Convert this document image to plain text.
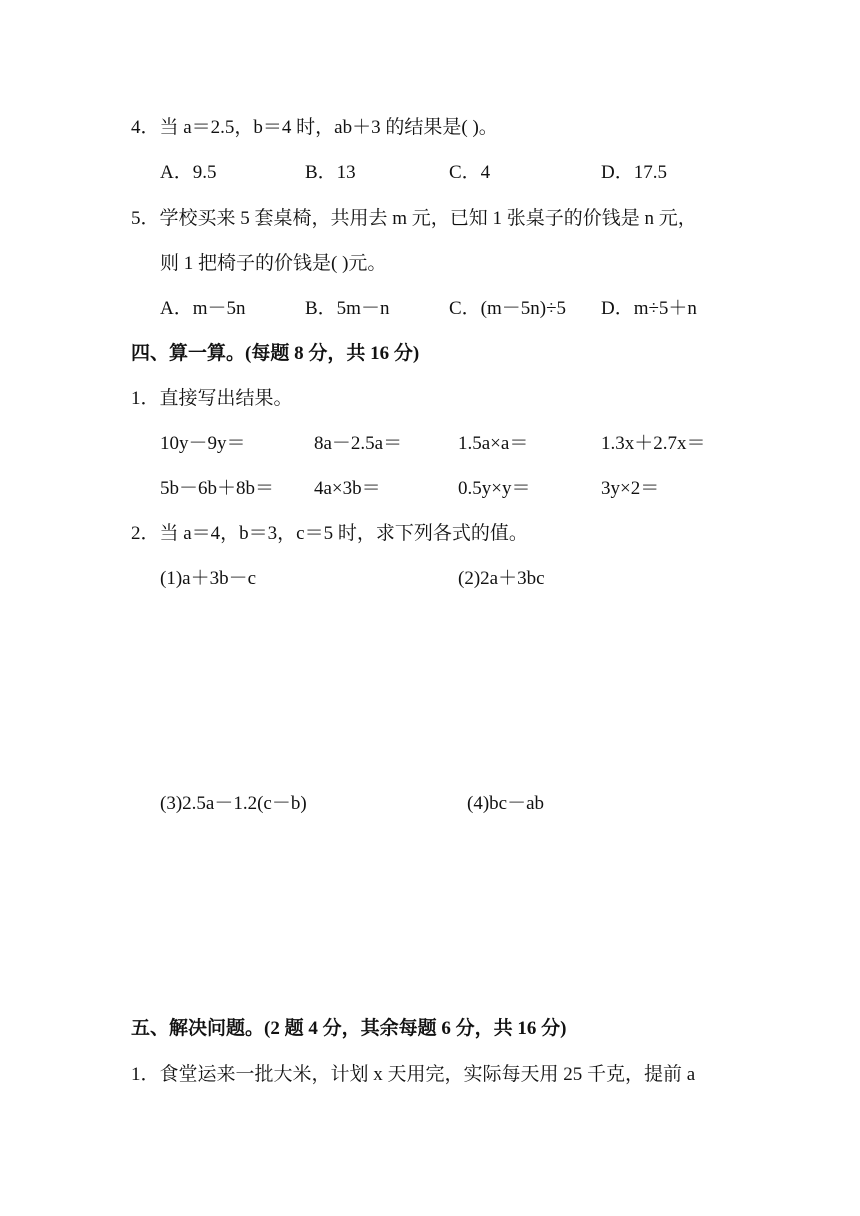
4．当 a＝2.5，b＝4 时，ab＋3 的结果是( )。
A．9.5	B．13	C．4	D．17.5
5．学校买来 5 套桌椅，共用去 m 元，已知 1 张桌子的价钱是 n 元，
则 1 把椅子的价钱是( )元。
A．m－5n	B．5m－n	C．(m－5n)÷5 D．m÷5＋n
四、算一算。(每题 8 分，共 16 分)
1．直接写出结果。
10y－9y＝	8a－2.5a＝	1.5a×a＝	1.3x＋2.7x＝
5b－6b＋8b＝ 4a×3b＝	0.5y×y＝	3y×2＝
2．当 a＝4，b＝3，c＝5 时，求下列各式的值。
(1)a＋3b－c	(2)2a＋3bc
(3)2.5a－1.2(c－b)	(4)bc－ab
五、解决问题。(2 题 4 分，其余每题 6 分，共 16 分)
1．食堂运来一批大米，计划 x 天用完，实际每天用 25 千克，提前 a
